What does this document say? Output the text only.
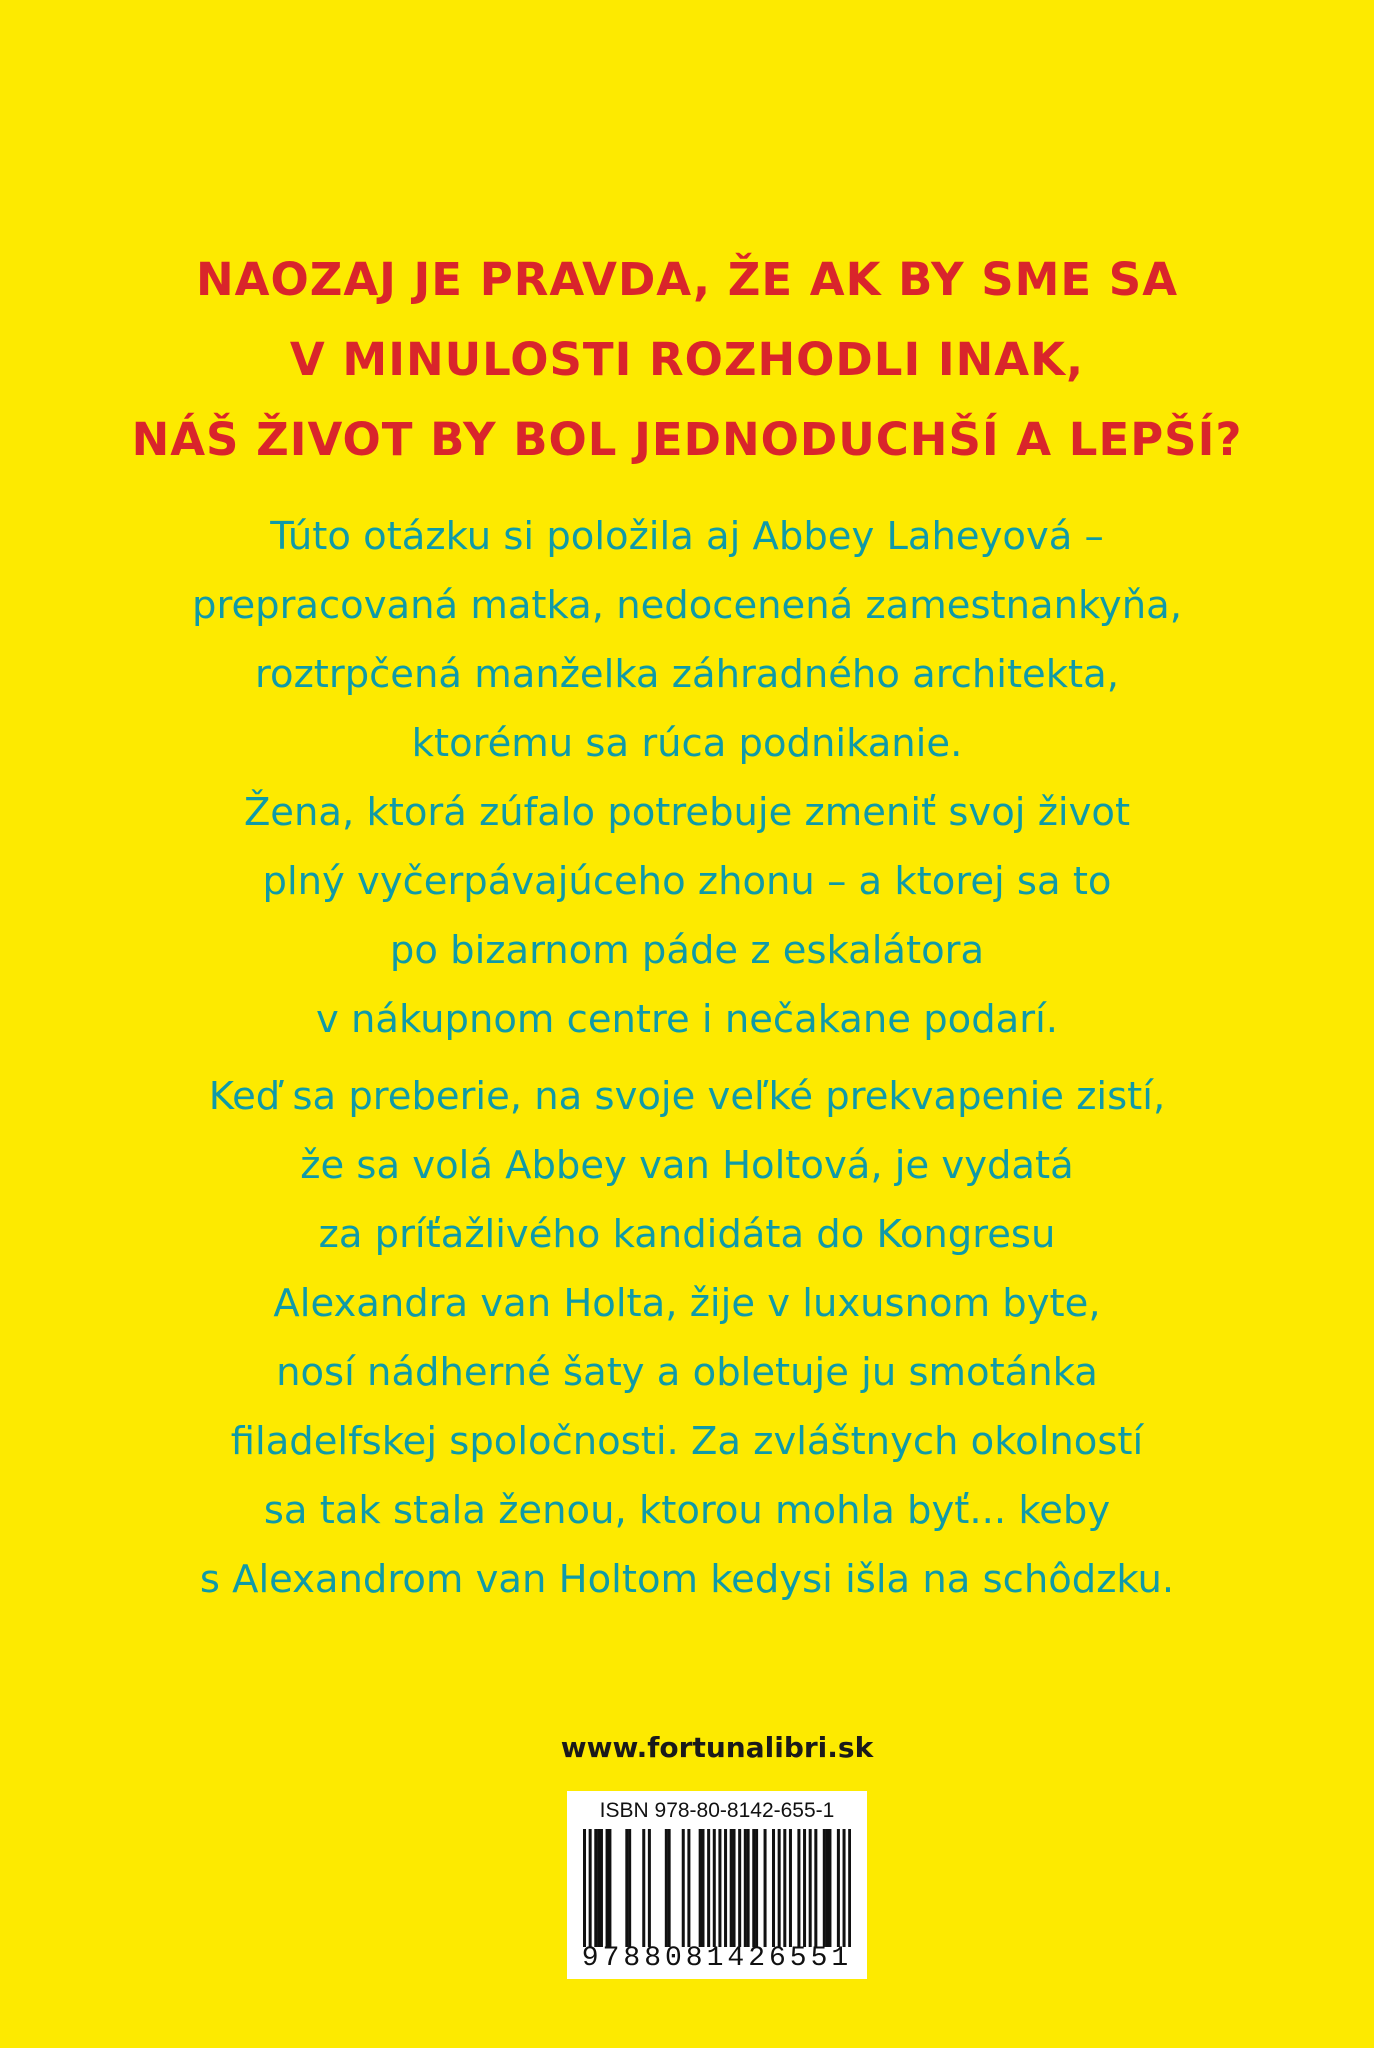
NAOZAJ JE PRAVDA, ŽE AK BY SME SA
V MINULOSTI ROZHODLI INAK,
NÁŠ ŽIVOT BY BOL JEDNODUCHŠÍ A LEPŠÍ?
Túto otázku si položila aj Abbey Laheyová –
prepracovaná matka, nedocenená zamestnankyňa,
roztrpčená manželka záhradného architekta,
ktorému sa rúca podnikanie.
Žena, ktorá zúfalo potrebuje zmeniť svoj život
plný vyčerpávajúceho zhonu – a ktorej sa to
po bizarnom páde z eskalátora
v nákupnom centre i nečakane podarí.
Keď sa preberie, na svoje veľké prekvapenie zistí,
že sa volá Abbey van Holtová, je vydatá
za príťažlivého kandidáta do Kongresu
Alexandra van Holta, žije v luxusnom byte,
nosí nádherné šaty a obletuje ju smotánka
filadelfskej spoločnosti. Za zvláštnych okolností
sa tak stala ženou, ktorou mohla byť... keby
s Alexandrom van Holtom kedysi išla na schôdzku.
www.fortunalibri.sk
ISBN 978-80-8142-655-1
9788081426551
